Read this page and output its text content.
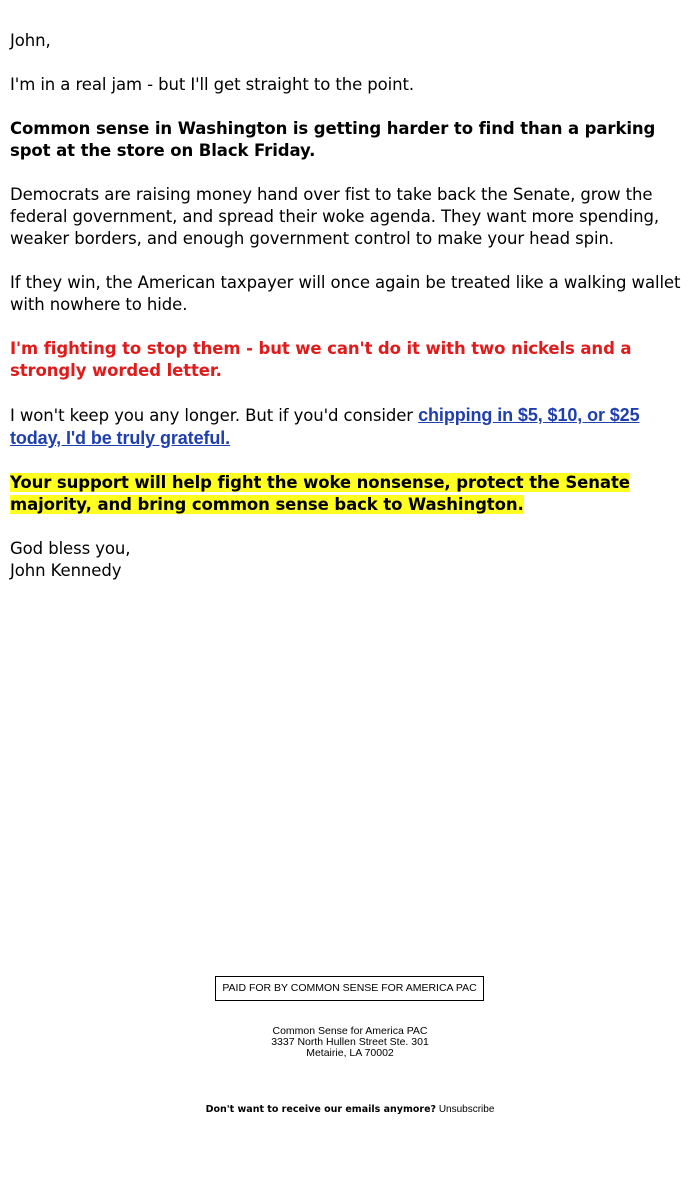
John,

I'm in a real jam - but I'll get straight to the point.

Common sense in Washington is getting harder to find than a parking spot at the store on Black Friday.

Democrats are raising money hand over fist to take back the Senate, grow the federal government, and spread their woke agenda. They want more spending, weaker borders, and enough government control to make your head spin.

If they win, the American taxpayer will once again be treated like a walking wallet with nowhere to hide.

I'm fighting to stop them - but we can't do it with two nickels and a strongly worded letter.

I won't keep you any longer. But if you'd consider chipping in $5, $10, or $25 today, I'd be truly grateful.

Your support will help fight the woke nonsense, protect the Senate majority, and bring common sense back to Washington.

God bless you,
John Kennedy

PAID FOR BY COMMON SENSE FOR AMERICA PAC
Common Sense for America PAC
3337 North Hullen Street Ste. 301
Metairie, LA 70002
Don't want to receive our emails anymore? Unsubscribe
